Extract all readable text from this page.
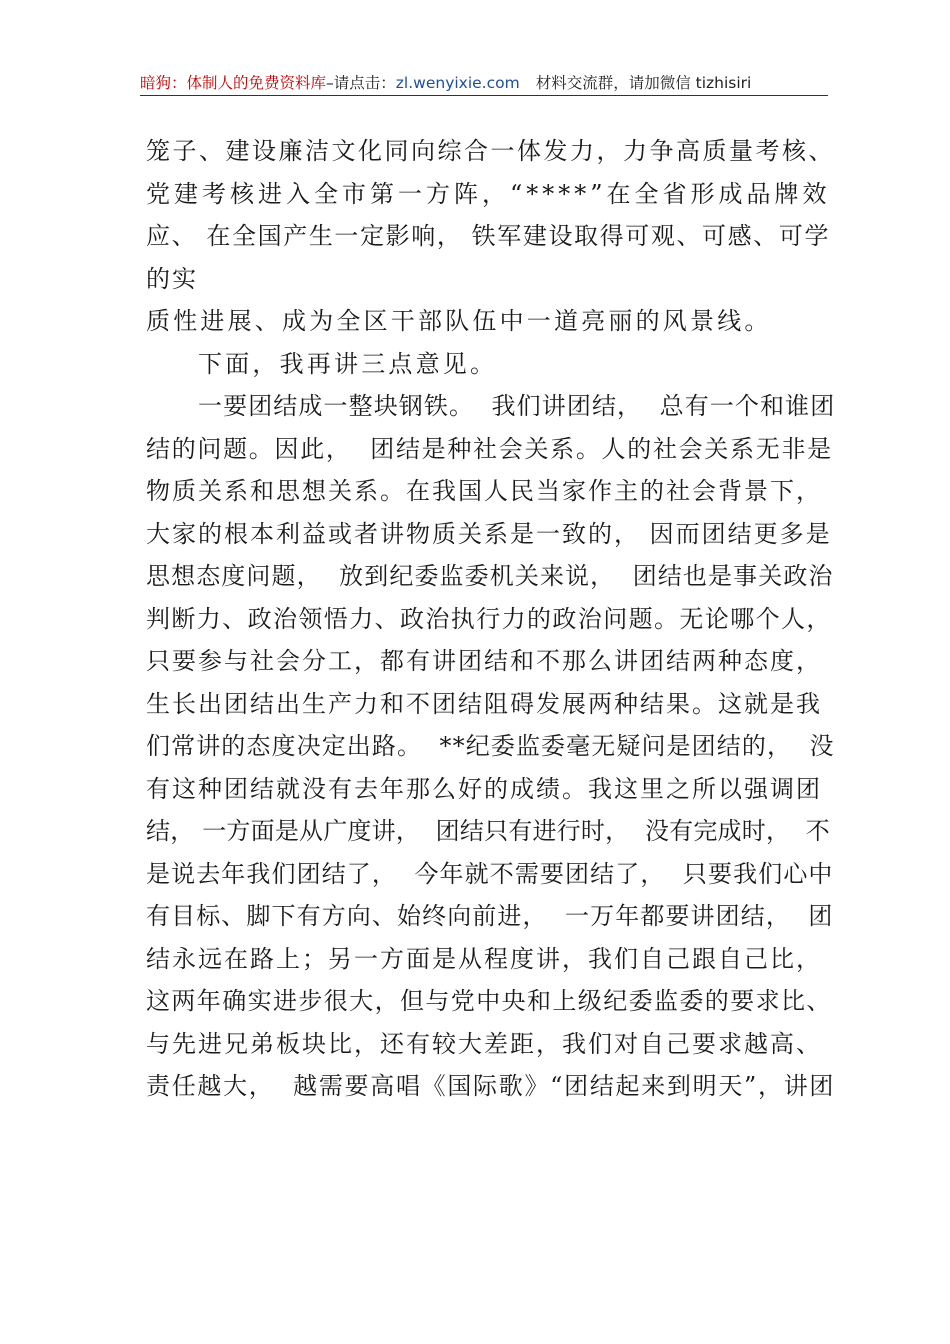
暗狗：体制人的免费资料库–请点击：zl.wenyixie.com 材料交流群，请加微信 tizhisiri
笼子、建设廉洁文化同向综合一体发力，力争高质量考核、
党建考核进入全市第一方阵，“****”在全省形成品牌效
应、 在全国产生一定影响， 铁军建设取得可观、可感、可学
的实
质性进展、成为全区干部队伍中一道亮丽的风景线。
下面，我再讲三点意见。
一要团结成一整块钢铁。  我们讲团结，  总有一个和谁团
结的问题。因此，  团结是种社会关系。人的社会关系无非是
物质关系和思想关系。在我国人民当家作主的社会背景下，
大家的根本利益或者讲物质关系是一致的， 因而团结更多是
思想态度问题，  放到纪委监委机关来说，  团结也是事关政治
判断力、政治领悟力、政治执行力的政治问题。无论哪个人，
只要参与社会分工，都有讲团结和不那么讲团结两种态度，
生长出团结出生产力和不团结阻碍发展两种结果。这就是我
们常讲的态度决定出路。  **纪委监委毫无疑问是团结的，  没
有这种团结就没有去年那么好的成绩。我这里之所以强调团
结， 一方面是从广度讲，  团结只有进行时，  没有完成时，  不
是说去年我们团结了，  今年就不需要团结了，  只要我们心中
有目标、脚下有方向、始终向前进，  一万年都要讲团结，  团
结永远在路上；另一方面是从程度讲，我们自己跟自己比，
这两年确实进步很大，但与党中央和上级纪委监委的要求比、
与先进兄弟板块比，还有较大差距，我们对自己要求越高、
责任越大，  越需要高唱《国际歌》“团结起来到明天”，讲团
